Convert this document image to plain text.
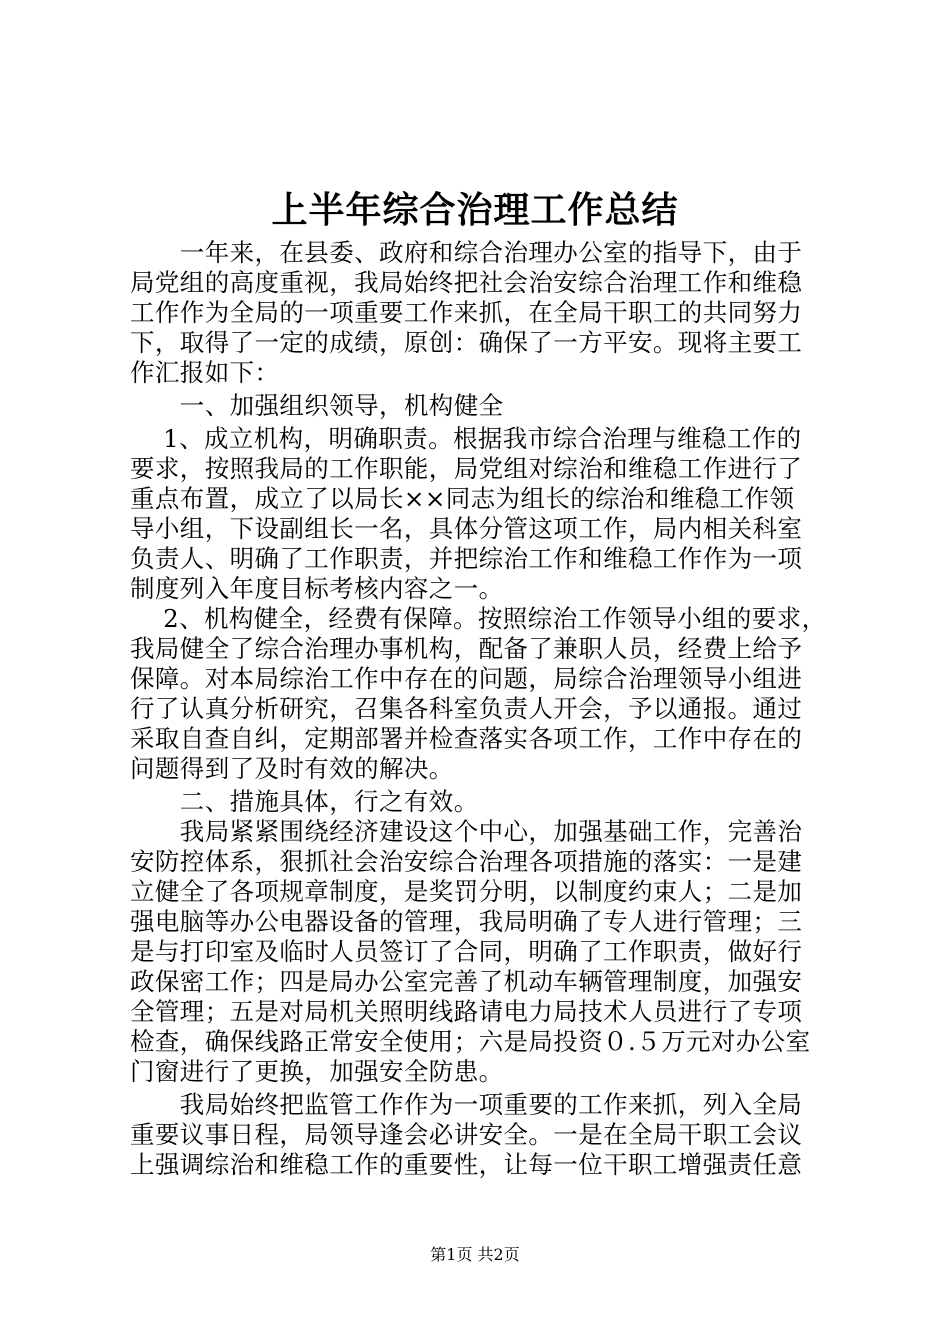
上半年综合治理工作总结
　　一年来，在县委、政府和综合治理办公室的指导下，由于
局党组的高度重视，我局始终把社会治安综合治理工作和维稳
工作作为全局的一项重要工作来抓，在全局干职工的共同努力
下，取得了一定的成绩，原创：确保了一方平安。现将主要工
作汇报如下：
　　一、加强组织领导，机构健全
　 1、成立机构，明确职责。根据我市综合治理与维稳工作的
要求，按照我局的工作职能，局党组对综治和维稳工作进行了
重点布置，成立了以局长××同志为组长的综治和维稳工作领
导小组，下设副组长一名，具体分管这项工作，局内相关科室
负责人、明确了工作职责，并把综治工作和维稳工作作为一项
制度列入年度目标考核内容之一。
　 2、机构健全，经费有保障。按照综治工作领导小组的要求，
我局健全了综合治理办事机构，配备了兼职人员，经费上给予
保障。对本局综治工作中存在的问题，局综合治理领导小组进
行了认真分析研究，召集各科室负责人开会，予以通报。通过
采取自查自纠，定期部署并检查落实各项工作，工作中存在的
问题得到了及时有效的解决。
　　二、措施具体，行之有效。
　　我局紧紧围绕经济建设这个中心，加强基础工作，完善治
安防控体系，狠抓社会治安综合治理各项措施的落实：一是建
立健全了各项规章制度，是奖罚分明，以制度约束人；二是加
强电脑等办公电器设备的管理，我局明确了专人进行管理；三
是与打印室及临时人员签订了合同，明确了工作职责，做好行
政保密工作；四是局办公室完善了机动车辆管理制度，加强安
全管理；五是对局机关照明线路请电力局技术人员进行了专项
检查，确保线路正常安全使用；六是局投资０.５万元对办公室
门窗进行了更换，加强安全防患。
　　我局始终把监管工作作为一项重要的工作来抓，列入全局
重要议事日程，局领导逢会必讲安全。一是在全局干职工会议
上强调综治和维稳工作的重要性，让每一位干职工增强责任意
第1页 共2页
